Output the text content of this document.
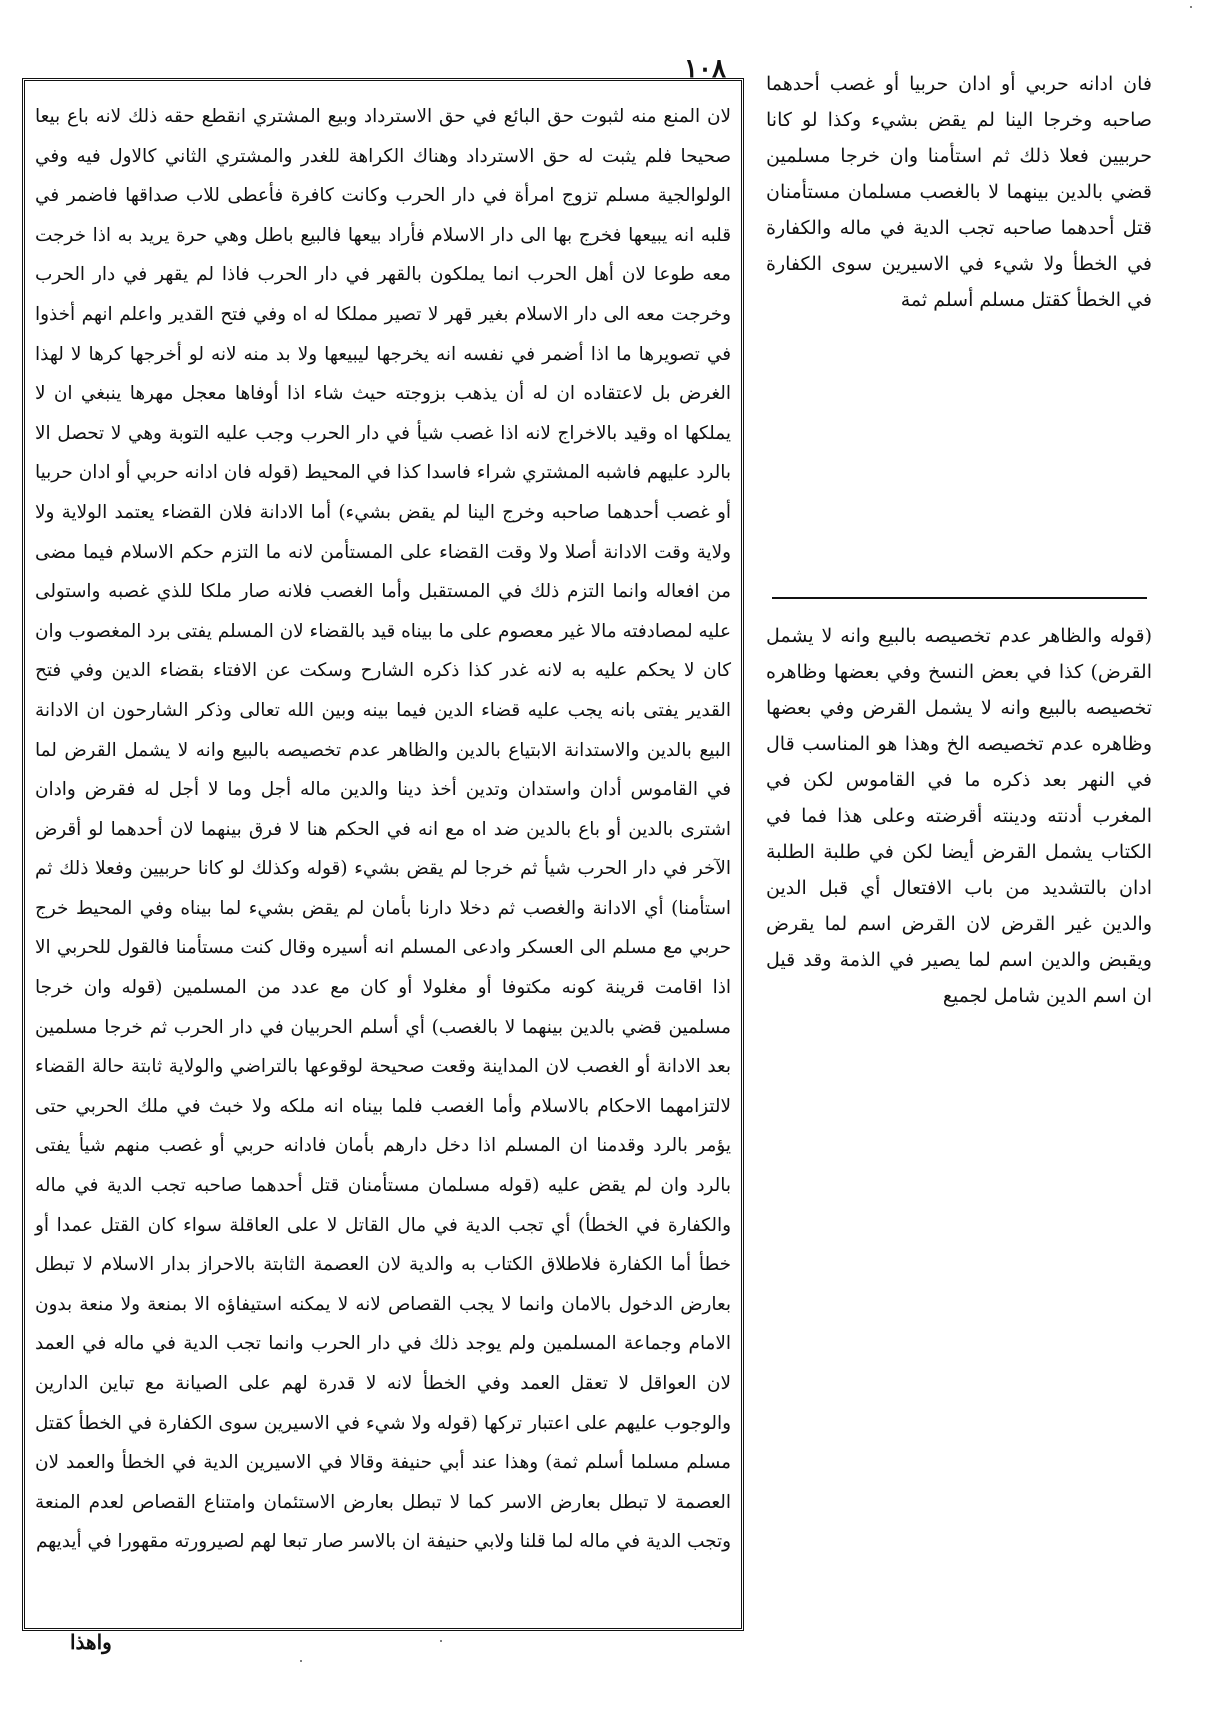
١٠٨

لان المنع منه لثبوت حق البائع في حق الاسترداد وبيع المشتري انقطع حقه ذلك لانه باع بيعا صحيحا فلم يثبت له حق الاسترداد وهناك الكراهة للغدر والمشتري الثاني كالاول فيه وفي الولوالجية مسلم تزوج امرأة في دار الحرب وكانت كافرة فأعطى للاب صداقها فاضمر في قلبه انه يبيعها فخرج بها الى دار الاسلام فأراد بيعها فالبيع باطل وهي حرة يريد به اذا خرجت معه طوعا لان أهل الحرب انما يملكون بالقهر في دار الحرب فاذا لم يقهر في دار الحرب وخرجت معه الى دار الاسلام بغير قهر لا تصير مملكا له اه وفي فتح القدير واعلم انهم أخذوا في تصويرها ما اذا أضمر في نفسه انه يخرجها ليبيعها ولا بد منه لانه لو أخرجها كرها لا لهذا الغرض بل لاعتقاده ان له أن يذهب بزوجته حيث شاء اذا أوفاها معجل مهرها ينبغي ان لا يملكها اه وقيد بالاخراج لانه اذا غصب شيأ في دار الحرب وجب عليه التوبة وهي لا تحصل الا بالرد عليهم فاشبه المشتري شراء فاسدا كذا في المحيط (قوله فان ادانه حربي أو ادان حربيا أو غصب أحدهما صاحبه وخرج الينا لم يقض بشيء) أما الادانة فلان القضاء يعتمد الولاية ولا ولاية وقت الادانة أصلا ولا وقت القضاء على المستأمن لانه ما التزم حكم الاسلام فيما مضى من افعاله وانما التزم ذلك في المستقبل وأما الغصب فلانه صار ملكا للذي غصبه واستولى عليه لمصادفته مالا غير معصوم على ما بيناه قيد بالقضاء لان المسلم يفتى برد المغصوب وان كان لا يحكم عليه به لانه غدر كذا ذكره الشارح وسكت عن الافتاء بقضاء الدين وفي فتح القدير يفتى بانه يجب عليه قضاء الدين فيما بينه وبين الله تعالى وذكر الشارحون ان الادانة البيع بالدين والاستدانة الابتياع بالدين والظاهر عدم تخصيصه بالبيع وانه لا يشمل القرض لما في القاموس أدان واستدان وتدين أخذ دينا والدين ماله أجل وما لا أجل له فقرض وادان اشترى بالدين أو باع بالدين ضد اه مع انه في الحكم هنا لا فرق بينهما لان أحدهما لو أقرض الآخر في دار الحرب شيأ ثم خرجا لم يقض بشيء (قوله وكذلك لو كانا حربيين وفعلا ذلك ثم استأمنا) أي الادانة والغصب ثم دخلا دارنا بأمان لم يقض بشيء لما بيناه وفي المحيط خرج حربي مع مسلم الى العسكر وادعى المسلم انه أسيره وقال كنت مستأمنا فالقول للحربي الا اذا اقامت قرينة كونه مكتوفا أو مغلولا أو كان مع عدد من المسلمين (قوله وان خرجا مسلمين قضي بالدين بينهما لا بالغصب) أي أسلم الحربيان في دار الحرب ثم خرجا مسلمين بعد الادانة أو الغصب لان المداينة وقعت صحيحة لوقوعها بالتراضي والولاية ثابتة حالة القضاء لالتزامهما الاحكام بالاسلام وأما الغصب فلما بيناه انه ملكه ولا خبث في ملك الحربي حتى يؤمر بالرد وقدمنا ان المسلم اذا دخل دارهم بأمان فادانه حربي أو غصب منهم شيأ يفتى بالرد وان لم يقض عليه (قوله مسلمان مستأمنان قتل أحدهما صاحبه تجب الدية في ماله والكفارة في الخطأ) أي تجب الدية في مال القاتل لا على العاقلة سواء كان القتل عمدا أو خطأ أما الكفارة فلاطلاق الكتاب به والدية لان العصمة الثابتة بالاحراز بدار الاسلام لا تبطل بعارض الدخول بالامان وانما لا يجب القصاص لانه لا يمكنه استيفاؤه الا بمنعة ولا منعة بدون الامام وجماعة المسلمين ولم يوجد ذلك في دار الحرب وانما تجب الدية في ماله في العمد لان العواقل لا تعقل العمد وفي الخطأ لانه لا قدرة لهم على الصيانة مع تباين الدارين والوجوب عليهم على اعتبار تركها (قوله ولا شيء في الاسيرين سوى الكفارة في الخطأ كقتل مسلم مسلما أسلم ثمة) وهذا عند أبي حنيفة وقالا في الاسيرين الدية في الخطأ والعمد لان العصمة لا تبطل بعارض الاسر كما لا تبطل بعارض الاستئمان وامتناع القصاص لعدم المنعة وتجب الدية في ماله لما قلنا ولابي حنيفة ان بالاسر صار تبعا لهم لصيرورته مقهورا في أيديهم

فان ادانه حربي أو ادان حربيا أو غصب أحدهما صاحبه وخرجا الينا لم يقض بشيء وكذا لو كانا حربيين فعلا ذلك ثم استأمنا وان خرجا مسلمين قضي بالدين بينهما لا بالغصب مسلمان مستأمنان قتل أحدهما صاحبه تجب الدية في ماله والكفارة في الخطأ ولا شيء في الاسيرين سوى الكفارة في الخطأ كقتل مسلم أسلم ثمة

(قوله والظاهر عدم تخصيصه بالبيع وانه لا يشمل القرض) كذا في بعض النسخ وفي بعضها وظاهره تخصيصه بالبيع وانه لا يشمل القرض وفي بعضها وظاهره عدم تخصيصه الخ وهذا هو المناسب قال في النهر بعد ذكره ما في القاموس لكن في المغرب أدنته ودينته أقرضته وعلى هذا فما في الكتاب يشمل القرض أيضا لكن في طلبة الطلبة ادان بالتشديد من باب الافتعال أي قبل الدين والدين غير القرض لان القرض اسم لما يقرض ويقبض والدين اسم لما يصير في الذمة وقد قيل ان اسم الدين شامل لجميع

واهذا
